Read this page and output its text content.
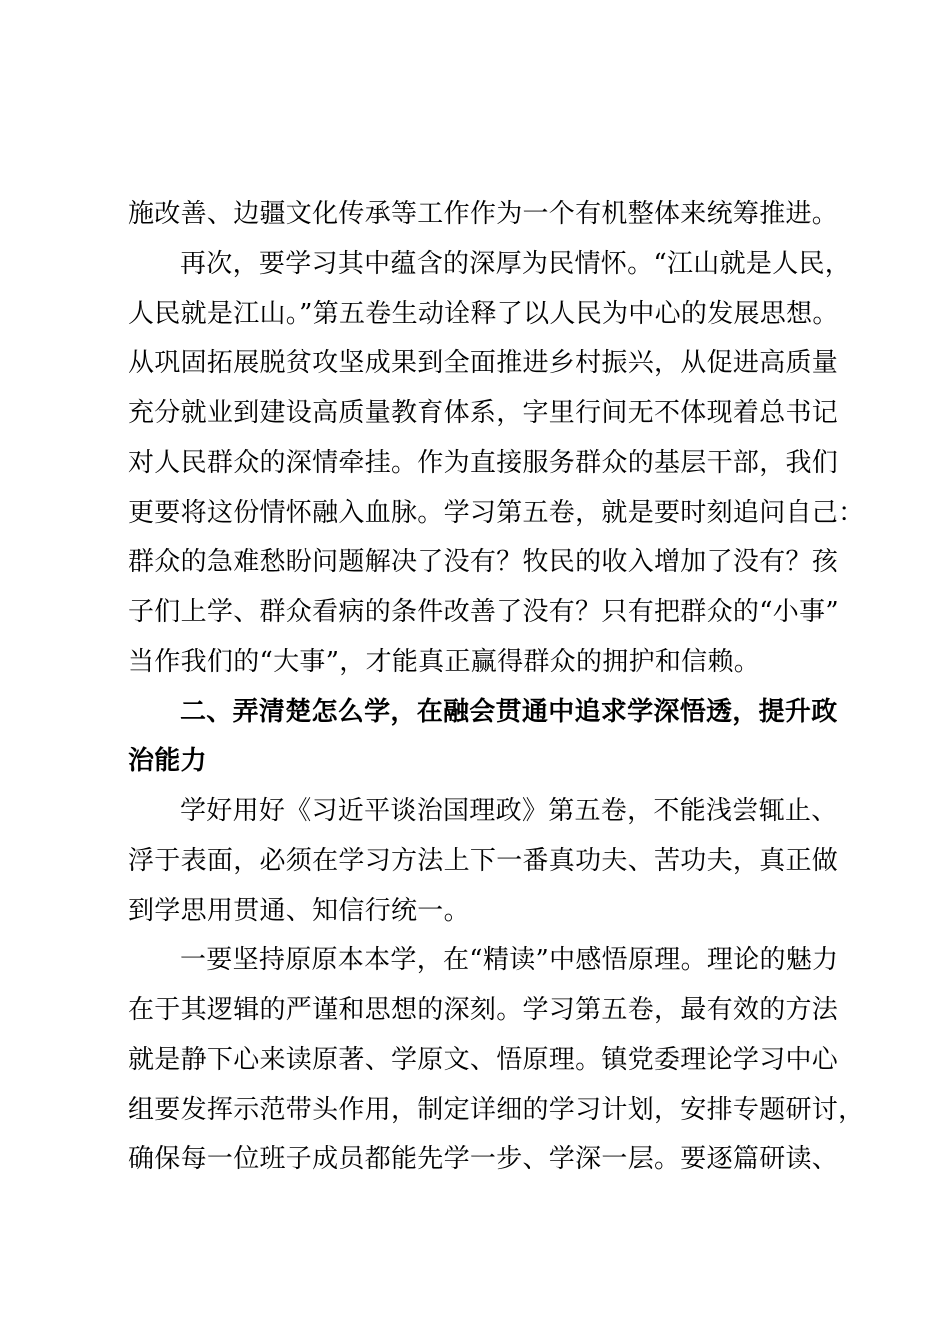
施改善、边疆文化传承等工作作为一个有机整体来统筹推进。
再次，要学习其中蕴含的深厚为民情怀。“江山就是人民，
人民就是江山。”第五卷生动诠释了以人民为中心的发展思想。
从巩固拓展脱贫攻坚成果到全面推进乡村振兴，从促进高质量
充分就业到建设高质量教育体系，字里行间无不体现着总书记
对人民群众的深情牵挂。作为直接服务群众的基层干部，我们
更要将这份情怀融入血脉。学习第五卷，就是要时刻追问自己：
群众的急难愁盼问题解决了没有？牧民的收入增加了没有？孩
子们上学、群众看病的条件改善了没有？只有把群众的“小事”
当作我们的“大事”，才能真正赢得群众的拥护和信赖。
二、弄清楚怎么学，在融会贯通中追求学深悟透，提升政
治能力
学好用好《习近平谈治国理政》第五卷，不能浅尝辄止、
浮于表面，必须在学习方法上下一番真功夫、苦功夫，真正做
到学思用贯通、知信行统一。
一要坚持原原本本学，在“精读”中感悟原理。理论的魅力
在于其逻辑的严谨和思想的深刻。学习第五卷，最有效的方法
就是静下心来读原著、学原文、悟原理。镇党委理论学习中心
组要发挥示范带头作用，制定详细的学习计划，安排专题研讨，
确保每一位班子成员都能先学一步、学深一层。要逐篇研读、
